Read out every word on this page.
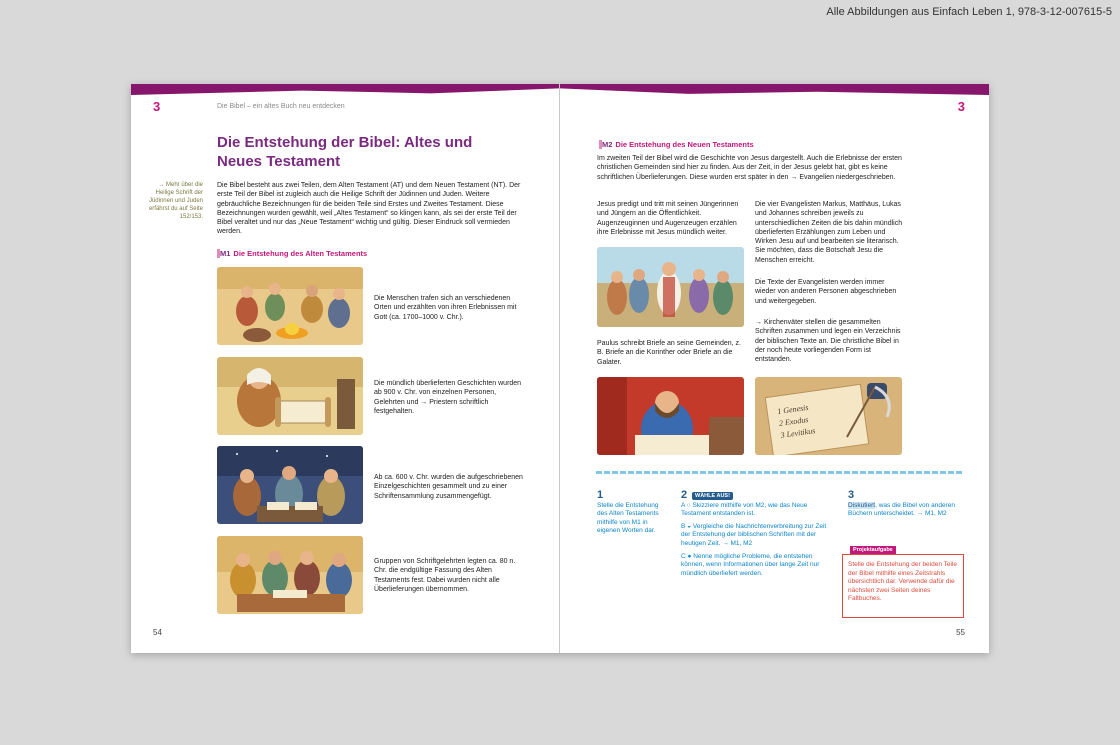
Alle Abbildungen aus Einfach Leben 1, 978-3-12-007615-5
3	Die Bibel – ein altes Buch neu entdecken
Die Entstehung der Bibel: Altes und Neues Testament
→ Mehr über die Heilige Schrift der Jüdinnen und Juden erfährst du auf Seite 152/153.

Die Bibel besteht aus zwei Teilen, dem Alten Testament (AT) und dem Neuen Testament (NT). Der erste Teil der Bibel ist zugleich auch die Heilige Schrift der Jüdinnen und Juden. Weitere gebräuchliche Bezeichnungen für die beiden Teile sind Erstes und Zweites Testament. Diese Bezeichnungen wurden gewählt, weil „Altes Testament“ so klingen kann, als sei der erste Teil der Bibel veraltet und nur das „Neue Testament“ wichtig und gültig. Dieser Eindruck soll vermieden werden.

M1 Die Entstehung des Alten Testaments
Die Menschen trafen sich an verschiedenen Orten und erzählten von ihren Erlebnissen mit Gott (ca. 1700–1000 v. Chr.).
Die mündlich überlieferten Geschichten wurden ab 900 v. Chr. von einzelnen Personen, Gelehrten und → Priestern schriftlich festgehalten.
Ab ca. 600 v. Chr. wurden die aufgeschriebenen Einzelgeschichten gesammelt und zu einer Schriftensammlung zusammengefügt.
Gruppen von Schriftgelehrten legten ca. 80 n. Chr. die endgültige Fassung des Alten Testaments fest. Dabei wurden nicht alle Überlieferungen übernommen.
54
3
M2 Die Entstehung des Neuen Testaments

Im zweiten Teil der Bibel wird die Geschichte von Jesus dargestellt. Auch die Erlebnisse der ersten christlichen Gemeinden sind hier zu finden. Aus der Zeit, in der Jesus gelebt hat, gibt es keine schriftlichen Überlieferungen. Diese wurden erst später in den → Evangelien niedergeschrieben.

Jesus predigt und tritt mit seinen Jüngerinnen und Jüngern an die Öffentlichkeit. Augenzeuginnen und Augenzeugen erzählen ihre Erlebnisse mit Jesus mündlich weiter.

Paulus schreibt Briefe an seine Gemeinden, z. B. Briefe an die Korinther oder Briefe an die Galater.

Die vier Evangelisten Markus, Matthäus, Lukas und Johannes schreiben jeweils zu unterschiedlichen Zeiten die bis dahin mündlich überlieferten Erzählungen zum Leben und Wirken Jesu auf und bearbeiten sie literarisch. Sie möchten, dass die Botschaft Jesu die Menschen erreicht.

Die Texte der Evangelisten werden immer wieder von anderen Personen abgeschrieben und weitergegeben.

→ Kirchenväter stellen die gesammelten Schriften zusammen und legen ein Verzeichnis der biblischen Texte an. Die christliche Bibel in der noch heute vorliegenden Form ist entstanden.

1 Genesis
2 Exodus
3 Levitikus
1
Stelle die Entstehung des Alten Testaments mithilfe von M1 in eigenen Worten dar.
2
A ○ Skizziere mithilfe von M2, wie das Neue Testament entstanden ist.
B ◒ Vergleiche die Nachrichtenverbreitung zur Zeit der Entstehung der biblischen Schriften mit der heutigen Zeit. → M1, M2
C ● Nenne mögliche Probleme, die entstehen können, wenn Informationen über lange Zeit nur mündlich überliefert werden.
WÄHLE AUS!	3
Diskutiert, was die Bibel von anderen Büchern unterscheidet. → M1, M2
Projektaufgabe
Stelle die Entstehung der beiden Teile der Bibel mithilfe eines Zeitstrahls übersichtlich dar. Verwende dafür die nächsten zwei Seiten deines Faltbuches.
55
